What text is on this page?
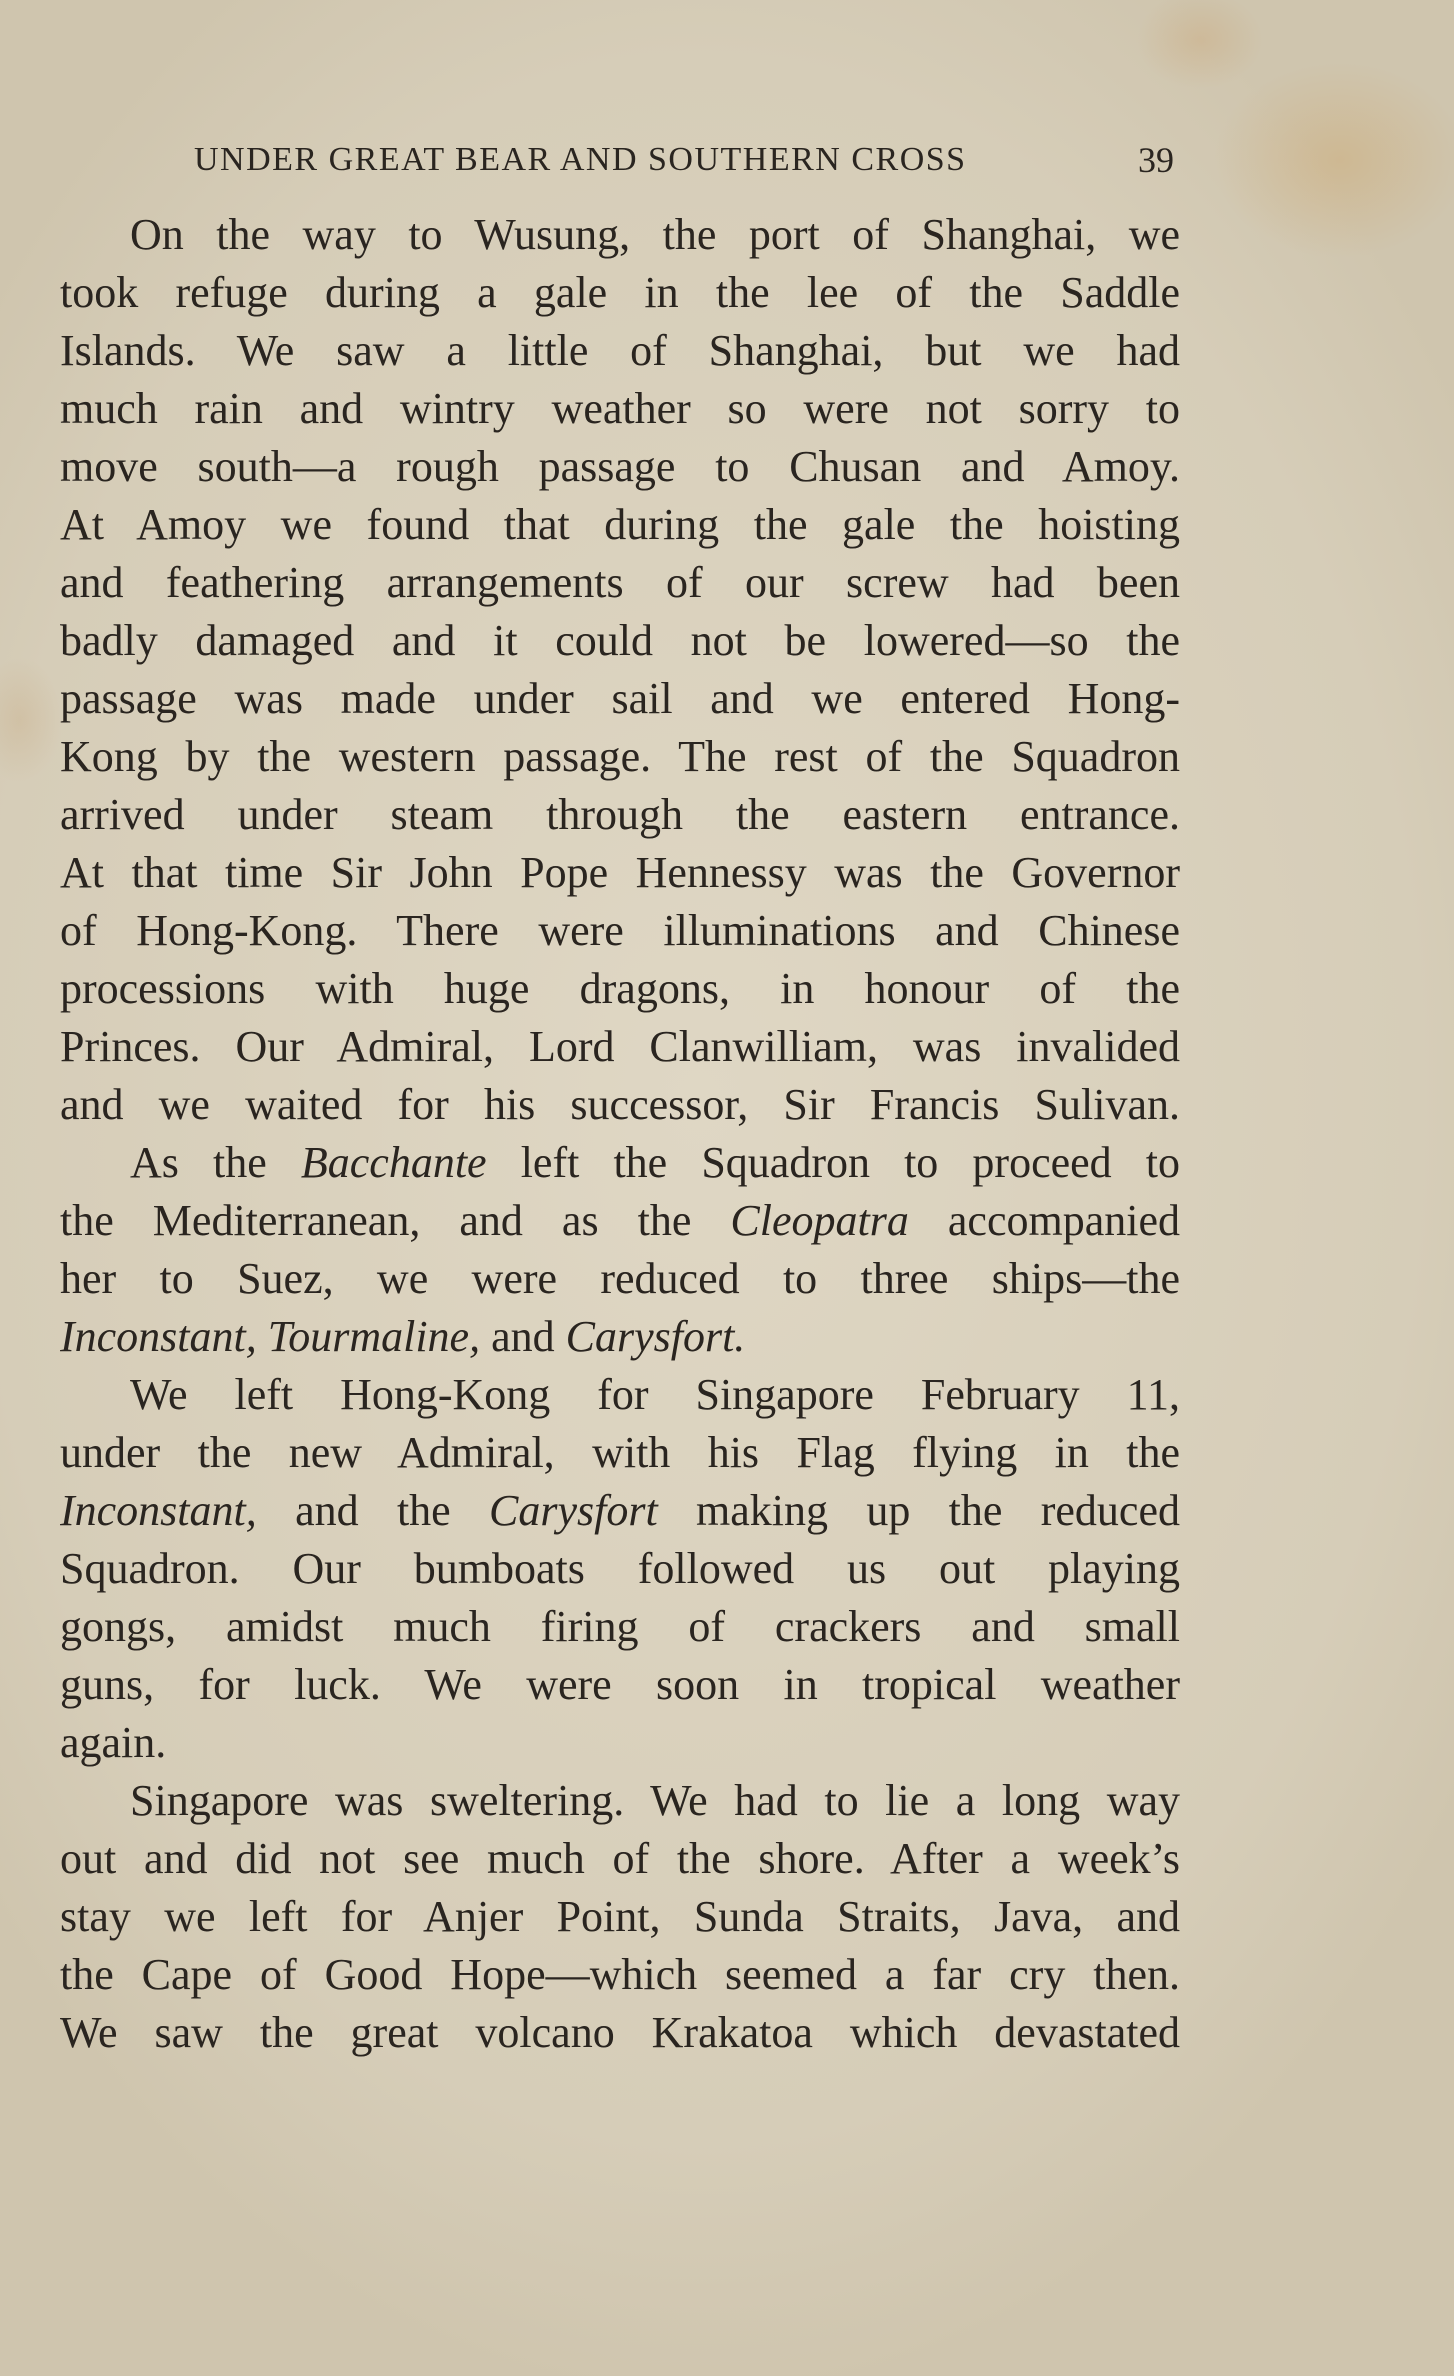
UNDER GREAT BEAR AND SOUTHERN CROSS	39
On the way to Wusung, the port of Shanghai, we
took refuge during a gale in the lee of the Saddle
Islands. We saw a little of Shanghai, but we had
much rain and wintry weather so were not sorry to
move south—a rough passage to Chusan and Amoy.
At Amoy we found that during the gale the hoisting
and feathering arrangements of our screw had been
badly damaged and it could not be lowered—so the
passage was made under sail and we entered Hong-
Kong by the western passage. The rest of the Squadron
arrived under steam through the eastern entrance.
At that time Sir John Pope Hennessy was the Governor
of Hong-Kong. There were illuminations and Chinese
processions with huge dragons, in honour of the
Princes. Our Admiral, Lord Clanwilliam, was invalided
and we waited for his successor, Sir Francis Sulivan.
As the Bacchante left the Squadron to proceed to
the Mediterranean, and as the Cleopatra accompanied
her to Suez, we were reduced to three ships—the
Inconstant, Tourmaline, and Carysfort.
We left Hong-Kong for Singapore February 11,
under the new Admiral, with his Flag flying in the
Inconstant, and the Carysfort making up the reduced
Squadron. Our bumboats followed us out playing
gongs, amidst much firing of crackers and small
guns, for luck. We were soon in tropical weather
again.
Singapore was sweltering. We had to lie a long way
out and did not see much of the shore. After a week’s
stay we left for Anjer Point, Sunda Straits, Java, and
the Cape of Good Hope—which seemed a far cry then.
We saw the great volcano Krakatoa which devastated
